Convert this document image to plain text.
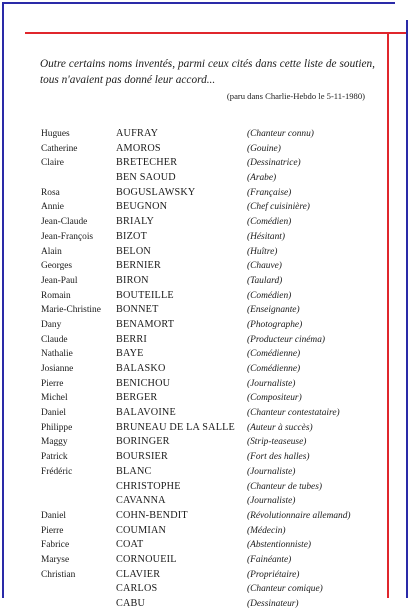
Outre certains noms inventés, parmi ceux cités dans cette liste de soutien, tous n'avaient pas donné leur accord...

(paru dans Charlie-Hebdo le 5-11-1980)

Hugues	AUFRAY	(Chanteur connu)
Catherine	AMOROS	(Gouine)
Claire	BRETECHER	(Dessinatrice)
BEN SAOUD	(Arabe)
Rosa	BOGUSLAWSKY	(Française)
Annie	BEUGNON	(Chef cuisinière)
Jean-Claude	BRIALY	(Comédien)
Jean-François BIZOT	(Hésitant)
Alain	BELON	(Huître)
Georges	BERNIER	(Chauve)
Jean-Paul	BIRON	(Taulard)
Romain	BOUTEILLE	(Comédien)
Marie-Christine BONNET	(Enseignante)
Dany	BENAMORT	(Photographe)
Claude	BERRI	(Producteur cinéma)
Nathalie	BAYE	(Comédienne)
Josianne	BALASKO	(Comédienne)
Pierre	BENICHOU	(Journaliste)
Michel	BERGER	(Compositeur)
Daniel	BALAVOINE	(Chanteur contestataire)
Philippe	BRUNEAU DE LA SALLE (Auteur à succès)
Maggy	BORINGER	(Strip-teaseuse)
Patrick	BOURSIER	(Fort des halles)
Frédéric	BLANC	(Journaliste)
CHRISTOPHE	(Chanteur de tubes)
CAVANNA	(Journaliste)
Daniel	COHN-BENDIT	(Révolutionnaire allemand)
Pierre	COUMIAN	(Médecin)
Fabrice	COAT	(Abstentionniste)
Maryse	CORNOUEIL	(Fainéante)
Christian	CLAVIER	(Propriétaire)
CARLOS	(Chanteur comique)
CABU	(Dessinateur)
